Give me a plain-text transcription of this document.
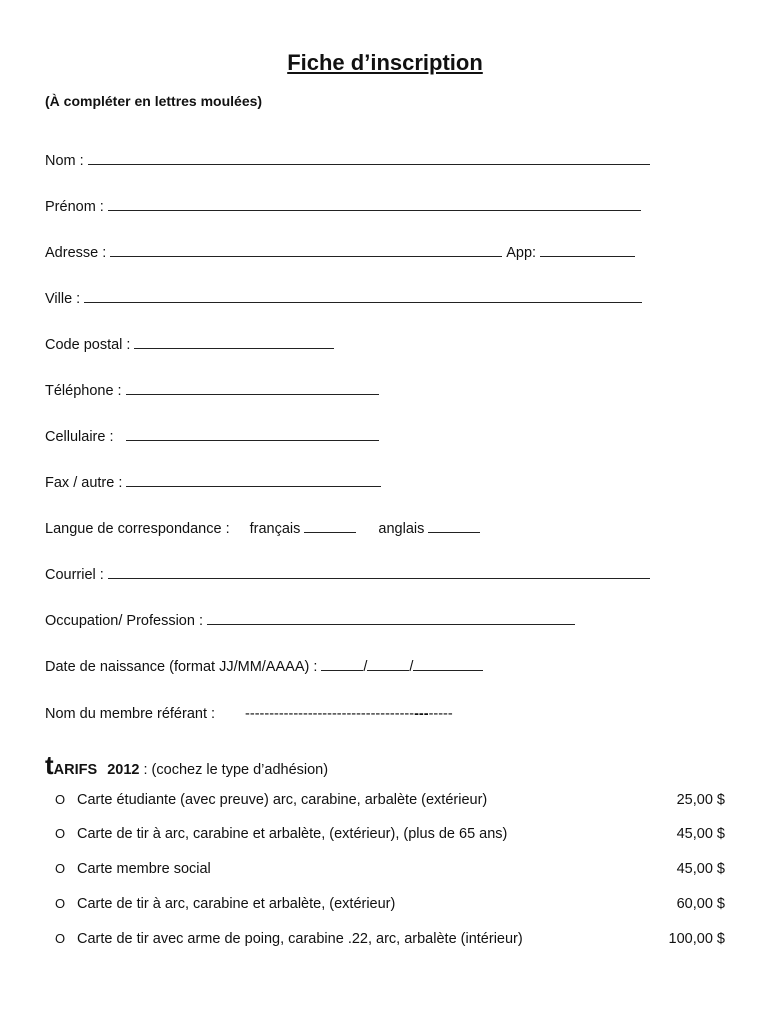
Fiche d’inscription
(À compléter en lettres moulées)
Nom :
Prénom :
Adresse :	App:
Ville :
Code postal :
Téléphone :
Cellulaire :
Fax / autre :
Langue de correspondance : français	anglais
Courriel :
Occupation/ Profession :
Date de naissance (format JJ/MM/AAAA) :	/	/
Nom du membre référant : -------------------------------------------
tARIFS 2012 : (cochez le type d’adhésion)
O Carte étudiante (avec preuve) arc, carabine, arbalète (extérieur)	25,00 $
O Carte de tir à arc, carabine et arbalète, (extérieur), (plus de 65 ans)	45,00 $
O Carte membre social	45,00 $
O Carte de tir à arc, carabine et arbalète, (extérieur)	60,00 $
O Carte de tir avec arme de poing, carabine .22, arc, arbalète (intérieur)	100,00 $
